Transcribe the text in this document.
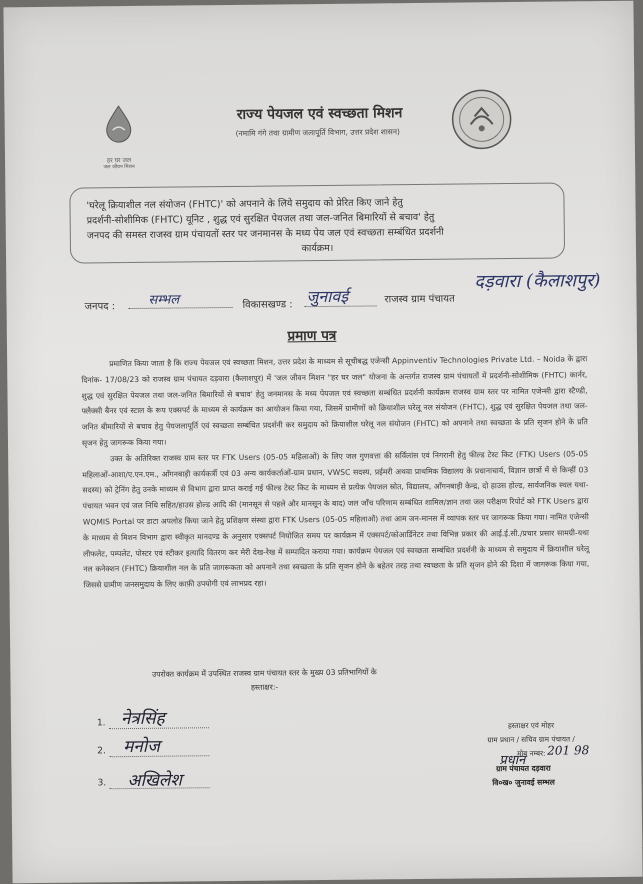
हर घर जल
जल जीवन मिशन
राज्य पेयजल एवं स्वच्छता मिशन
(नमामि गंगे तथा ग्रामीण जलापूर्ति विभाग, उत्तर प्रदेश शासन)
'घरेलू क्रियाशील नल संयोजन (FHTC)' को अपनाने के लिये समुदाय को प्रेरित किए जाने हेतु
प्रदर्शनी-सोशीमिक (FHTC) यूनिट , शुद्ध एवं सुरक्षित पेयजल तथा जल-जनित बिमारियों से बचाव' हेतु
जनपद की समस्त राजस्व ग्राम पंचायतों स्तर पर जनमानस के मध्य पेय जल एवं स्वच्छता सम्बंधित प्रदर्शनी
कार्यक्रम।
जनपद :	सम्भल	विकासखण्ड : जुनावई	राजस्व ग्राम पंचायत
दड़वारा (कैलाशपुर)
प्रमाण पत्र

प्रमाणित किया जाता है कि राज्य पेयजल एवं स्वच्छता मिशन, उत्तर प्रदेश के माध्यम से सूचीबद्ध एजेन्सी Appinventiv Technologies Private Ltd. – Noida के द्वारा दिनांक- 17/08/23 को राजस्व ग्राम पंचायत दड़वारा (कैलाशपुर) में 'जल जीवन मिशन "हर घर जल" योजना के अन्तर्गत राजस्व ग्राम पंचायतों में प्रदर्शनी-सोशीमिक (FHTC) कार्नर, शुद्ध एवं सुरक्षित पेयजल तथा जल-जनित बिमारियों से बचाव' हेतु जनमानस के मध्य पेयजल एवं स्वच्छता सम्बंधित प्रदर्शनी कार्यक्रम राजस्व ग्राम स्तर पर नामित एजेन्सी द्वारा स्टैण्डी, फ्लैक्सी बैनर एवं स्टाल के रूप एक्सपर्ट के माध्यम से कार्यक्रम का आयोजन किया गया, जिसमें ग्रामीणों को क्रियाशील घरेलू नल संयोजन (FHTC), शुद्ध एवं सुरक्षित पेयजल तथा जल-जनित बीमारियों से बचाव हेतु पेयजलापूर्ति एवं स्वच्छता सम्बंधित प्रदर्शनी कर समुदाय को क्रियाशील घरेलू नल संयोजन (FHTC) को अपनाने तथा स्वच्छता के प्रति सृजन होने के प्रति सृजन हेतु जागरूक किया गया।

उक्त के अतिरिक्त राजस्व ग्राम स्तर पर FTK Users (05-05 महिलाओं) के लिए जल गुणवत्ता की सर्विलांस एवं निगरानी हेतु फील्ड टेस्ट किट (FTK) Users (05-05 महिलाओं-आशा/ए.एन.एम., आँगनबाड़ी कार्यकर्त्री एवं 03 अन्य कार्यकर्ताओं-ग्राम प्रधान, VWSC सदस्य, प्रईमरी अथवा प्राथमिक विद्यालय के प्रधानाचार्य, विज्ञान छात्रों में से किन्हीं 03 सदस्य) को ट्रेनिंग हेतु उनके माध्यम से विभाग द्वारा प्राप्त कराई गई फील्ड टेस्ट किट के माध्यम से प्रत्येक पेयजल स्रोत, विद्यालय, आँगनबाड़ी केन्द्र, दो हाउस होल्ड, सार्वजनिक स्थल यथा-पंचायत भवन एवं जल निधि सहित/हाउस होल्ड आदि की (मानसून से पहले और मानसून के बाद) जल जाँच परिणाम सम्बंधित शामिल/ज्ञान तथा जल परीक्षण रिपोर्ट को FTK Users द्वारा WQMIS Portal पर डाटा अपलोड किया जाने हेतु प्रशिक्षण संस्था द्वारा FTK Users (05-05 महिलाओं) तथा आम जन-मानस में व्यापक स्तर पर जागरूक किया गया। नामित एजेन्सी के माध्यम से मिशन विभाग द्वारा स्वीकृत मानदण्ड के अनुसार एक्सपर्ट नियोजित समय पर कार्यक्रम में एक्सपर्ट/कोआर्डिनेटर तथा विभिन्न प्रकार की आई.ई.सी./प्रचार प्रसार सामग्री-यथा लीफलेट, पम्पलेट, पोस्टर एवं स्टीकर इत्यादि वितरण कर मेरी देख-रेख में सम्पादित कराया गया। कार्यक्रम पेयजल एवं स्वच्छता सम्बंधित प्रदर्शनी के माध्यम से समुदाय में क्रियाशील घरेलू नल कनेक्शन (FHTC) क्रियाशील नल के प्रति जागरूकता को अपनाने तथा स्वच्छता के प्रति सृजन होने के बहेतर तरह तथा स्वच्छता के प्रति सृजन होने की दिशा में जागरूक किया गया, जिससे ग्रामीण जनसमुदाय के लिए काफ़ी उपयोगी एवं लाभप्रद रहा।

उपरोक्त कार्यक्रम में उपस्थित राजस्व ग्राम पंचायत स्तर के मुख्य 03 प्रतिभागियों के
हस्ताक्षर:-
1. नेत्रसिंह
2. मनोज
3. अखिलेश
हस्ताक्षर एवं मोहर
ग्राम प्रधान / सचिव ग्राम पंचायत /
मोब नम्बर: 201 98
प्रधान
ग्राम पंचायत दड़वारा
वि०ख० जुनावई सम्भल
